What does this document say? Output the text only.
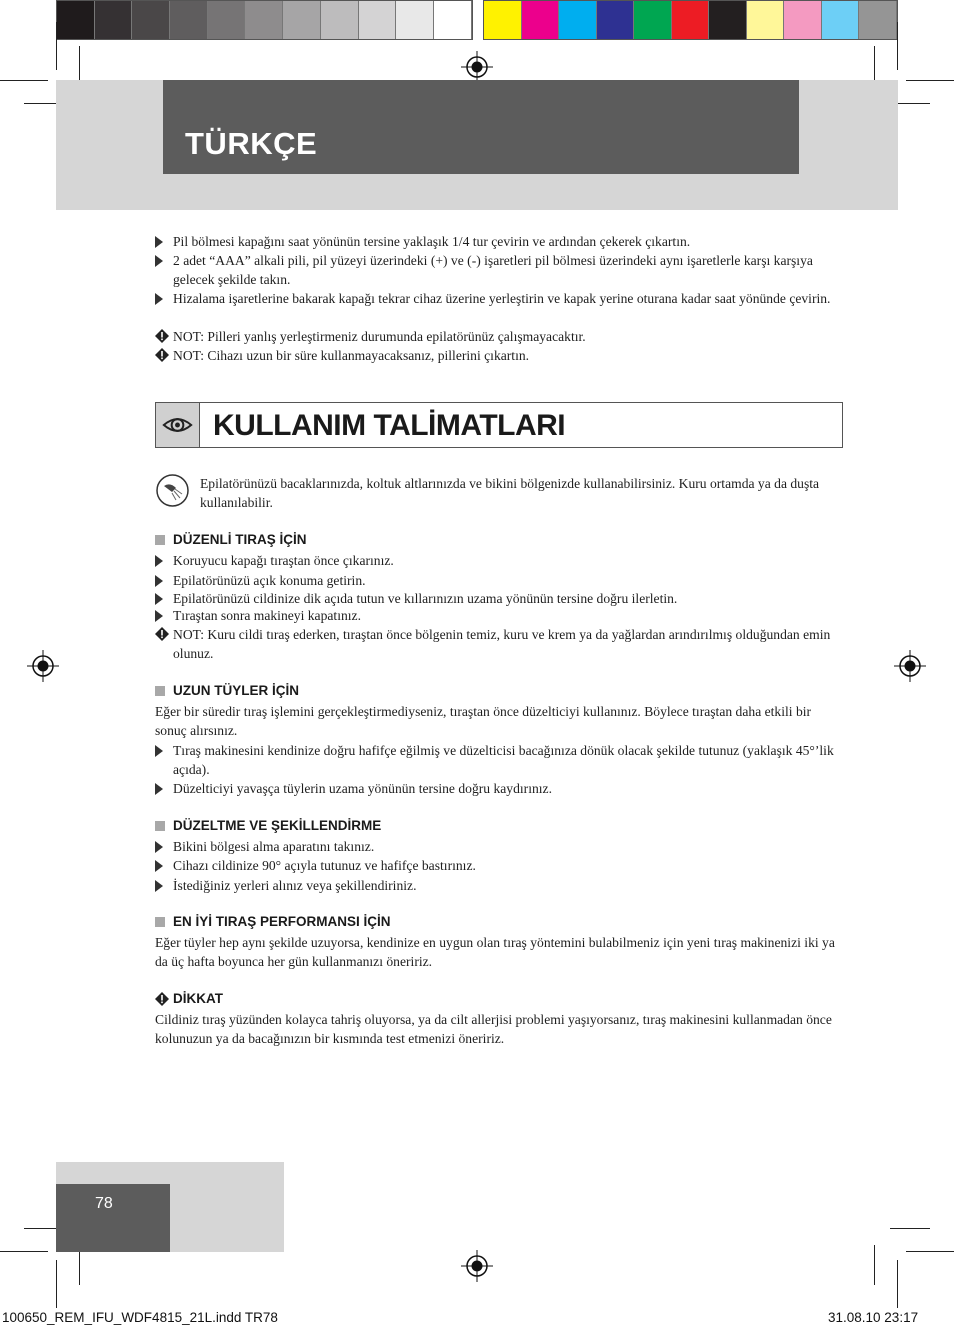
TÜRKÇE
Pil bölmesi kapağını saat yönünün tersine yaklaşık 1/4 tur çevirin ve ardından çekerek çıkartın.
2 adet “AAA” alkali pili, pil yüzeyi üzerindeki (+) ve (-) işaretleri pil bölmesi üzerindeki aynı işaretlerle karşı karşıya gelecek şekilde takın.
Hizalama işaretlerine bakarak kapağı tekrar cihaz üzerine yerleştirin ve kapak yerine oturana kadar saat yönünde çevirin.
NOT: Pilleri yanlış yerleştirmeniz durumunda epilatörünüz çalışmayacaktır.
NOT: Cihazı uzun bir süre kullanmayacaksanız, pillerini çıkartın.
KULLANIM TALİMATLARI
Epilatörünüzü bacaklarınızda, koltuk altlarınızda ve bikini bölgenizde kullanabilirsiniz. Kuru ortamda ya da duşta kullanılabilir.
DÜZENLİ TIRAŞ İÇİN
Koruyucu kapağı tıraştan önce çıkarınız.
Epilatörünüzü açık konuma getirin.
Epilatörünüzü cildinize dik açıda tutun ve kıllarınızın uzama yönünün tersine doğru ilerletin.
Tıraştan sonra makineyi kapatınız.
NOT: Kuru cildi tıraş ederken, tıraştan önce bölgenin temiz, kuru ve krem ya da yağlardan arındırılmış olduğundan emin olunuz.
UZUN TÜYLER İÇİN
Eğer bir süredir tıraş işlemini gerçekleştirmediyseniz, tıraştan önce düzelticiyi kullanınız. Böylece tıraştan daha etkili bir sonuç alırsınız.
Tıraş makinesini kendinize doğru hafifçe eğilmiş ve düzelticisi bacağınıza dönük olacak şekilde tutunuz (yaklaşık 45°’lik açıda).
Düzelticiyi yavaşça tüylerin uzama yönünün tersine doğru kaydırınız.
DÜZELTME VE ŞEKİLLENDİRME
Bikini bölgesi alma aparatını takınız.
Cihazı cildinize 90° açıyla tutunuz ve hafifçe bastırınız.
İstediğiniz yerleri alınız veya şekillendiriniz.
EN İYİ TIRAŞ PERFORMANSI İÇİN
Eğer tüyler hep aynı şekilde uzuyorsa, kendinize en uygun olan tıraş yöntemini bulabilmeniz için yeni tıraş makinenizi iki ya da üç hafta boyunca her gün kullanmanızı öneririz.
DİKKAT
Cildiniz tıraş yüzünden kolayca tahriş oluyorsa, ya da cilt allerjisi problemi yaşıyorsanız, tıraş makinesini kullanmadan önce kolunuzun ya da bacağınızın bir kısmında test etmenizi öneririz.
78
100650_REM_IFU_WDF4815_21L.indd TR78	31.08.10 23:17
